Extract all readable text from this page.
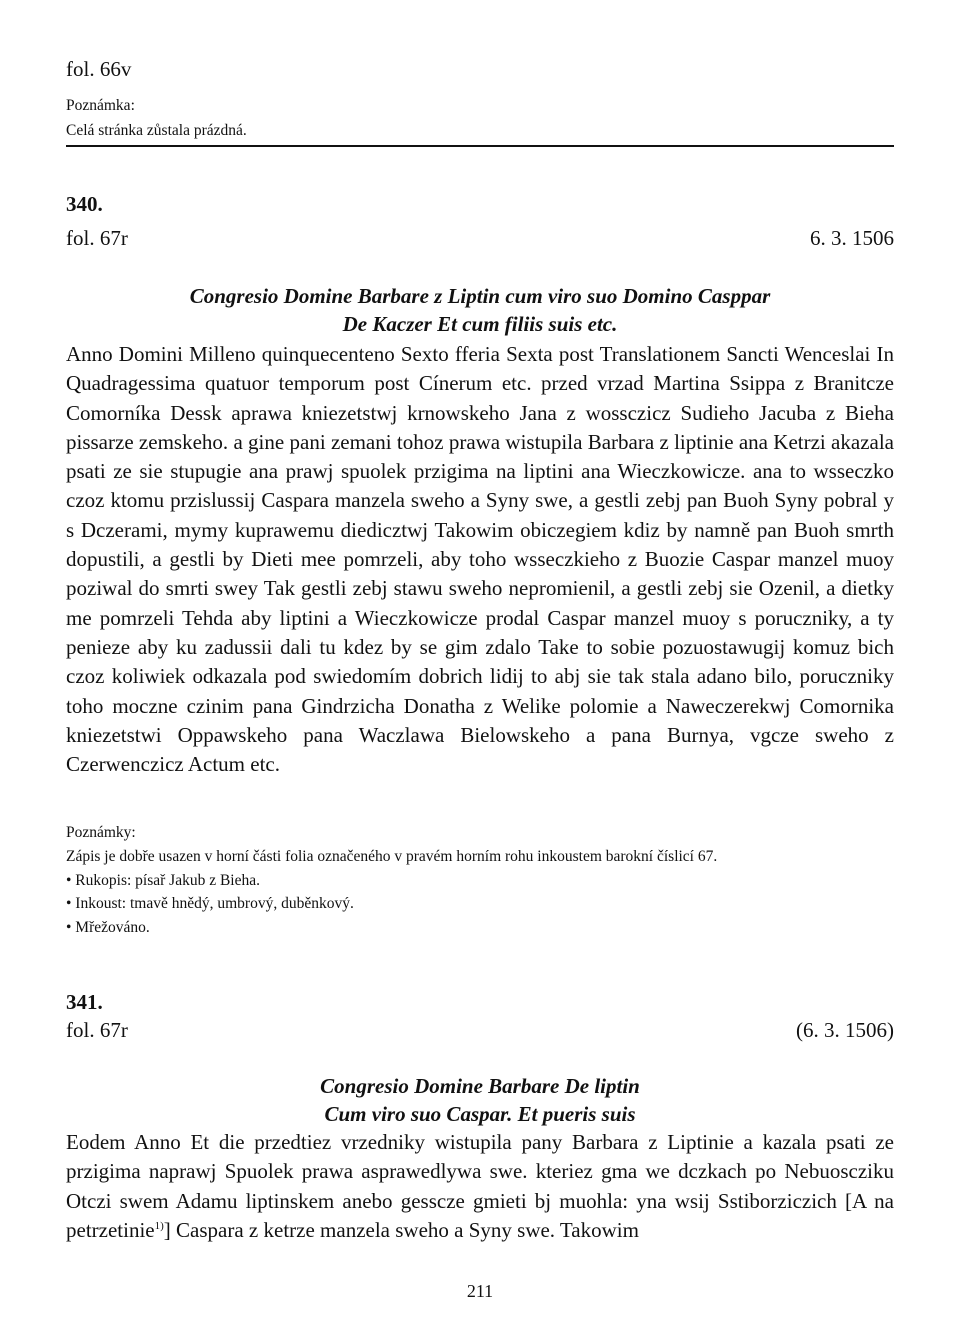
fol. 66v
Poznámka:
Celá stránka zůstala prázdná.
340.
fol. 67r	6. 3. 1506
Congresio Domine Barbare z Liptin cum viro suo Domino Casppar
De Kaczer Et cum filiis suis etc.
Anno Domini Milleno quinquecenteno Sexto fferia Sexta post Translationem Sancti Wenceslai In Quadragessima quatuor temporum post Cínerum etc. przed vrzad Martina Ssippa z Branitcze Comorníka Dessk aprawa kniezetstwj krnowskeho Jana z wossczicz Sudieho Jacuba z Bieha pissarze zemskeho. a gine pani zemani tohoz prawa wistupila Barbara z liptinie ana Ketrzi akazala psati ze sie stupugie ana prawj spuolek przigima na liptini ana Wieczkowicze. ana to wsseczko czoz ktomu przislussij Caspara manzela sweho a Syny swe, a gestli zebj pan Buoh Syny pobral y s Dczerami, mymy kuprawemu diedicztwj Takowim obiczegiem kdiz by namně pan Buoh smrth dopustili, a gestli by Dieti mee pomrzeli, aby toho wsseczkieho z Buozie Caspar manzel muoy poziwal do smrti swey Tak gestli zebj stawu sweho nepromienil, a gestli zebj sie Ozenil, a dietky me pomrzeli Tehda aby liptini a Wieczkowicze prodal Caspar manzel muoy s porucznikу, a ty penieze aby ku zadussii dali tu kdez by se gim zdalo Take to sobie pozuostawugij komuz bich czoz koliwiek odkazala pod swiedomím dobrich lidij to abj sie tak stala adano bilo, porucznikу toho moczne czinim pana Gindrzicha Donatha z Welike polomie a Naweczerekwj Comornika kniezetstwi Oppawskeho pana Waczlawa Bielowskeho a pana Burnya, vgcze sweho z Czerwenczicz Actum etc.
Poznámky:
Zápis je dobře usazen v horní části folia označeného v pravém horním rohu inkoustem barokní číslicí 67.
• Rukopis: písař Jakub z Bieha.
• Inkoust: tmavě hnědý, umbrový, duběnkový.
• Mřežováno.
341.
fol. 67r	(6. 3. 1506)
Congresio Domine Barbare De liptin
Cum viro suo Caspar. Et pueris suis
Eodem Anno Et die przedtiez vrzedniky wistupila pany Barbara z Liptinie a kazala psati ze przigima naprawj Spuolek prawa asprawedlywa swe. kteriez gma we dczkach po Nebuosсziku Otczi swem Adamu liptinskem anebo gessсze gmieti bj muohla: yna wsij Sstiborziczich [A na petrzetinie$^{1)}$] Caspara z ketrze manzela sweho a Syny swe. Takowim
211
